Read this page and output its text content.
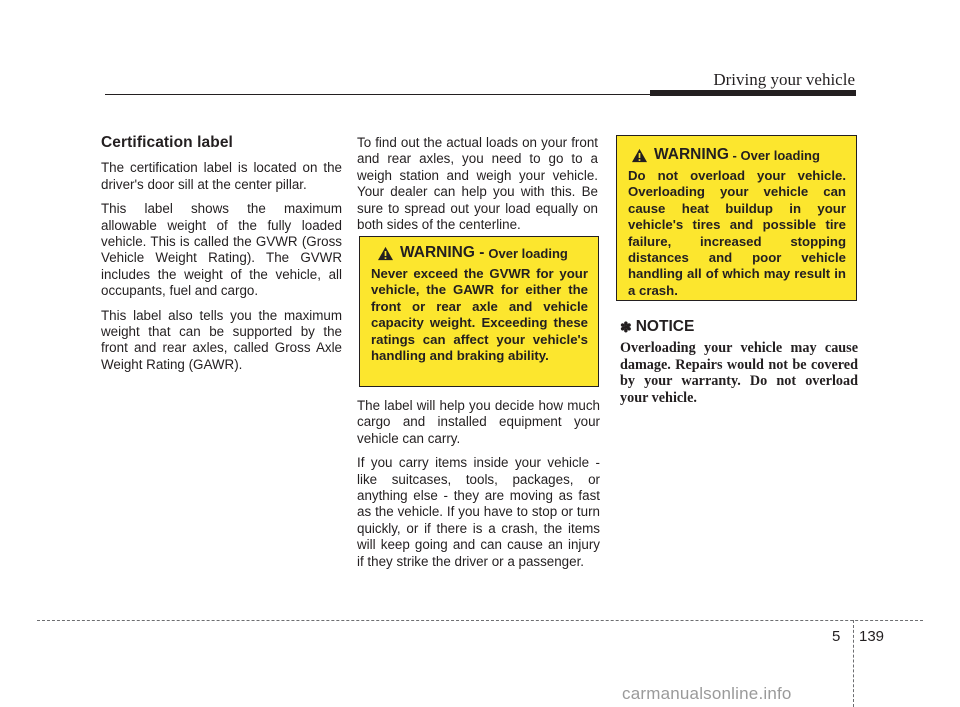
Driving your vehicle
Certification label

The certification label is located on the driver's door sill at the center pillar.

This label shows the maximum allowable weight of the fully loaded vehicle. This is called the GVWR (Gross Vehicle Weight Rating). The GVWR includes the weight of the vehicle, all occupants, fuel and cargo.

This label also tells you the maximum weight that can be supported by the front and rear axles, called Gross Axle Weight Rating (GAWR).

To find out the actual loads on your front and rear axles, you need to go to a weigh station and weigh your vehicle. Your dealer can help you with this. Be sure to spread out your load equally on both sides of the centerline.

WARNING - Over loading
Never exceed the GVWR for your vehicle, the GAWR for either the front or rear axle and vehicle capacity weight. Exceeding these ratings can affect your vehicle's handling and braking ability.

The label will help you decide how much cargo and installed equipment your vehicle can carry.

If you carry items inside your vehicle - like suitcases, tools, packages, or anything else - they are moving as fast as the vehicle. If you have to stop or turn quickly, or if there is a crash, the items will keep going and can cause an injury if they strike the driver or a passenger.

WARNING - Over loading
Do not overload your vehicle. Overloading your vehicle can cause heat buildup in your vehicle's tires and possible tire failure, increased stopping distances and poor vehicle handling all of which may result in a crash.
✽ NOTICE
Overloading your vehicle may cause damage. Repairs would not be covered by your warranty. Do not overload your vehicle.
5 139
carmanualsonline.info
